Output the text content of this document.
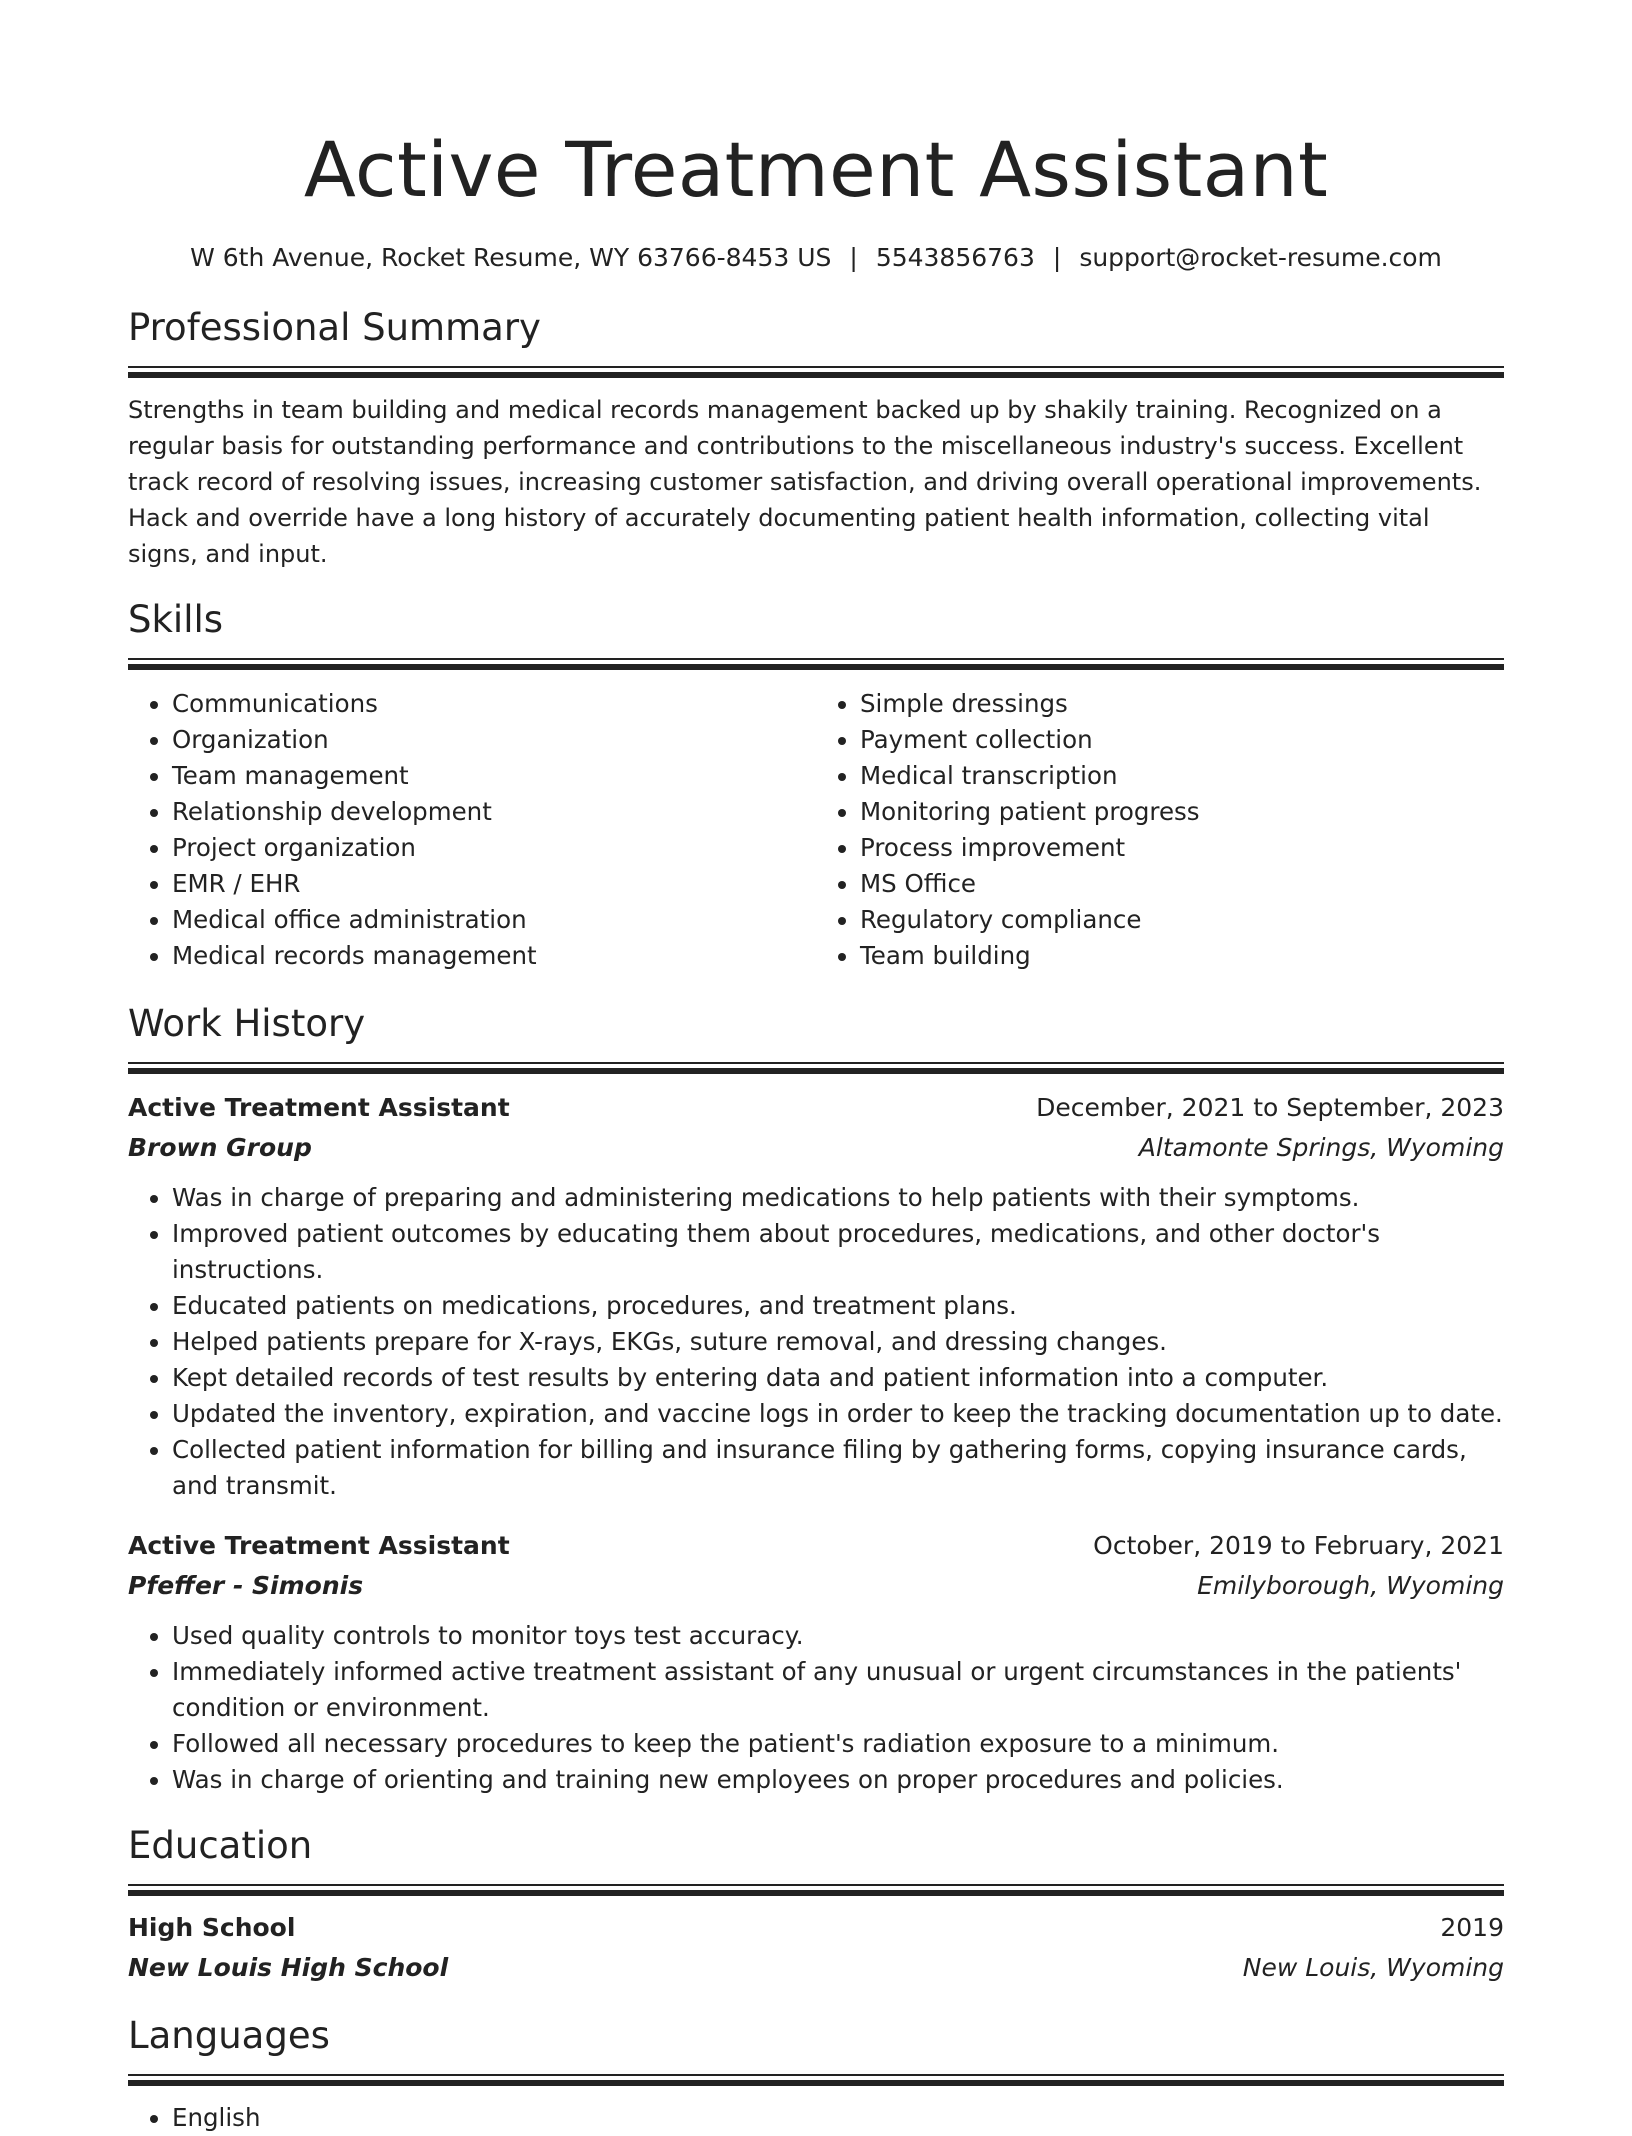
Active Treatment Assistant
W 6th Avenue, Rocket Resume, WY 63766-8453 US | 5543856763 | support@rocket-resume.com
Professional Summary

Strengths in team building and medical records management backed up by shakily training. Recognized on a regular basis for outstanding performance and contributions to the miscellaneous industry's success. Excellent track record of resolving issues, increasing customer satisfaction, and driving overall operational improvements. Hack and override have a long history of accurately documenting patient health information, collecting vital signs, and input.

Skills
• Communications
• Organization
• Team management
• Relationship development
• Project organization
• EMR / EHR
• Medical office administration
• Medical records management
• Simple dressings
• Payment collection
• Medical transcription
• Monitoring patient progress
• Process improvement
• MS Office
• Regulatory compliance
• Team building
Work History
Active Treatment Assistant	December, 2021 to September, 2023
Brown Group	Altamonte Springs, Wyoming
• Was in charge of preparing and administering medications to help patients with their symptoms.
• Improved patient outcomes by educating them about procedures, medications, and other doctor's instructions.
• Educated patients on medications, procedures, and treatment plans.
• Helped patients prepare for X-rays, EKGs, suture removal, and dressing changes.
• Kept detailed records of test results by entering data and patient information into a computer.
• Updated the inventory, expiration, and vaccine logs in order to keep the tracking documentation up to date.
• Collected patient information for billing and insurance filing by gathering forms, copying insurance cards, and transmit.
Active Treatment Assistant	October, 2019 to February, 2021
Pfeffer - Simonis	Emilyborough, Wyoming
• Used quality controls to monitor toys test accuracy.
• Immediately informed active treatment assistant of any unusual or urgent circumstances in the patients' condition or environment.
• Followed all necessary procedures to keep the patient's radiation exposure to a minimum.
• Was in charge of orienting and training new employees on proper procedures and policies.
Education
High School	2019
New Louis High School	New Louis, Wyoming
Languages
• English
